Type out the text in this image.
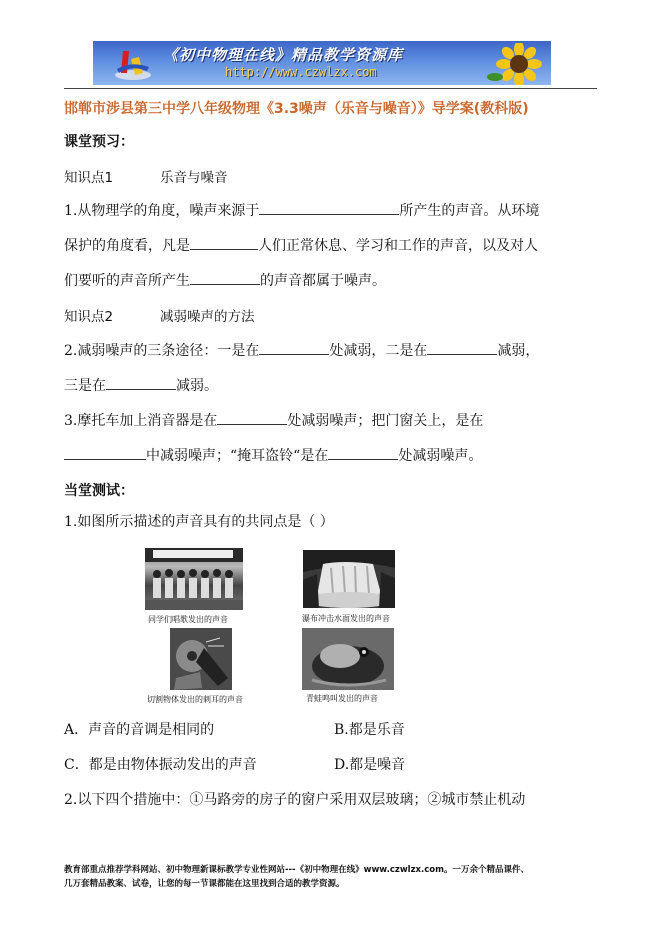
《初中物理在线》精品教学资源库
http://www.czwlzx.com
邯郸市涉县第三中学八年级物理《3.3噪声（乐音与噪音）》导学案(教科版)
课堂预习：
知识点1	乐音与噪音
1.从物理学的角度，噪声来源于	所产生的声音。从环境
保护的角度看，凡是	人们正常休息、学习和工作的声音，以及对人
们要听的声音所产生	的声音都属于噪声。
知识点2	减弱噪声的方法
2.减弱噪声的三条途径：一是在	处减弱，二是在	减弱，
三是在	减弱。
3.摩托车加上消音器是在	处减弱噪声；把门窗关上，是在
中减弱噪声；“掩耳盗铃“是在	处减弱噪声。
当堂测试：
1.如图所示描述的声音具有的共同点是（ ）
同学们唱歌发出的声音	瀑布冲击水面发出的声音
切割物体发出的刺耳的声音	青蛙鸣叫发出的声音
A．声音的音调是相同的	B.都是乐音
C．都是由物体振动发出的声音	D.都是噪音
2.以下四个措施中：①马路旁的房子的窗户采用双层玻璃；②城市禁止机动
教育部重点推荐学科网站、初中物理新课标教学专业性网站---《初中物理在线》www.czwlzx.com。一万余个精品课件、
几万套精品教案、试卷，让您的每一节课都能在这里找到合适的教学资源。
